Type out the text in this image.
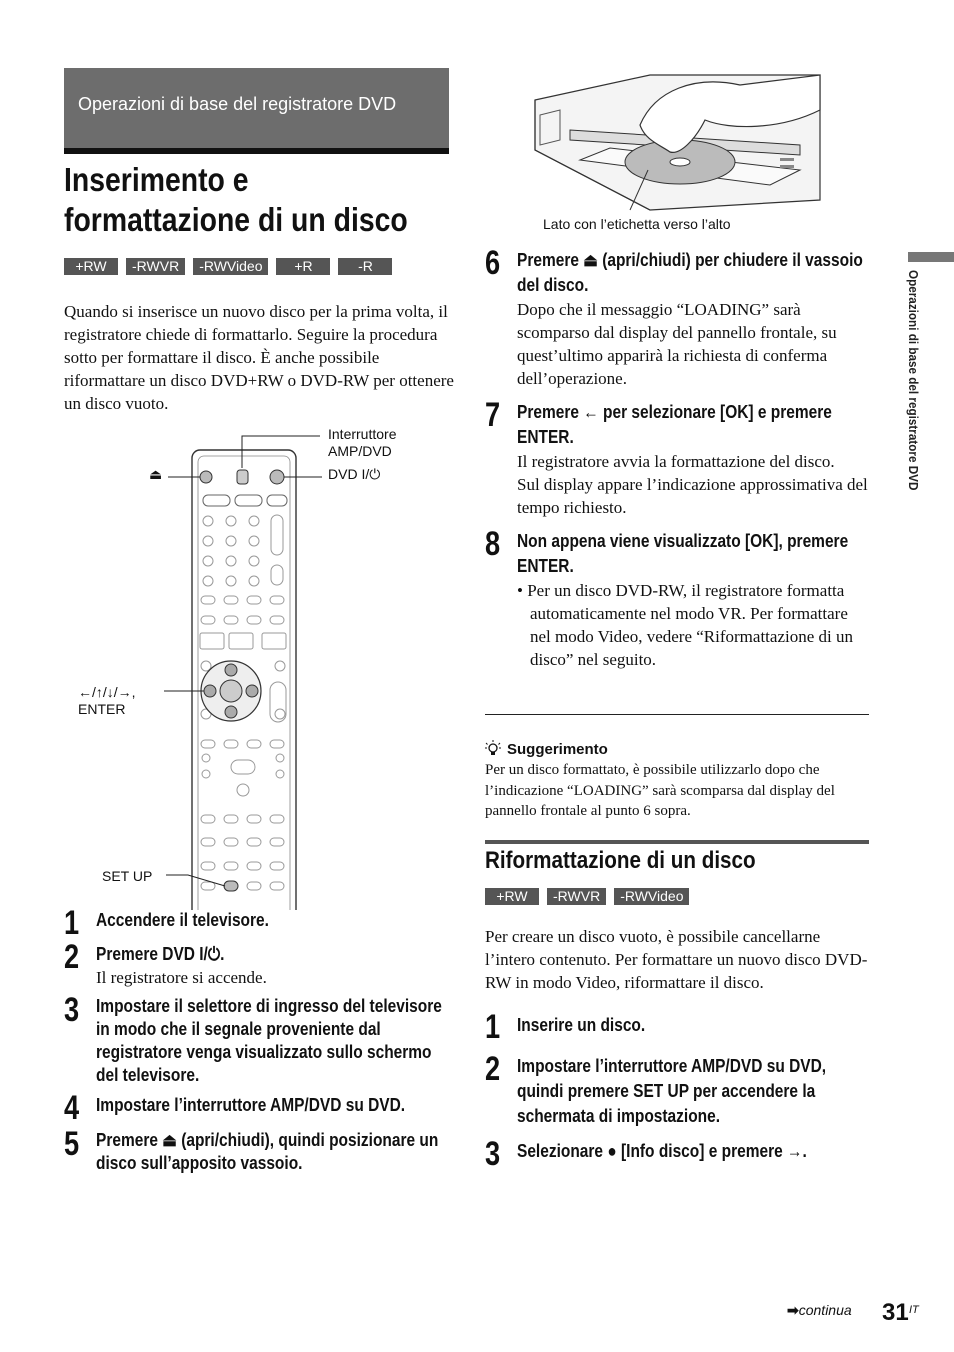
Operazioni di base del registratore DVD
Inserimento e formattazione di un disco
+RW	-RWVR	-RWVideo	+R	-R
Quando si inserisce un nuovo disco per la prima volta, il registratore chiede di formattarlo. Seguire la procedura sotto per formattare il disco. È anche possibile riformattare un disco DVD+RW o DVD-RW per ottenere un disco vuoto.
⏏
Interruttore AMP/DVD
DVD I/⏻
←/↑/↓/→, ENTER
SET UP
1 Accendere il televisore.
2 Premere DVD I/⏻.
Il registratore si accende.
3 Impostare il selettore di ingresso del televisore in modo che il segnale proveniente dal registratore venga visualizzato sullo schermo del televisore.
4 Impostare l’interruttore AMP/DVD su DVD.
5 Premere ⏏ (apri/chiudi), quindi posizionare un disco sull’apposito vassoio.
Lato con l’etichetta verso l’alto
6 Premere ⏏ (apri/chiudi) per chiudere il vassoio del disco.
Dopo che il messaggio “LOADING” sarà scomparso dal display del pannello frontale, su quest’ultimo apparirà la richiesta di conferma dell’operazione.
7 Premere ← per selezionare [OK] e premere ENTER.
Il registratore avvia la formattazione del disco.
Sul display appare l’indicazione approssimativa del tempo richiesto.
8 Non appena viene visualizzato [OK], premere ENTER.
• Per un disco DVD-RW, il registratore formatta automaticamente nel modo VR. Per formattare nel modo Video, vedere “Riformattazione di un disco” nel seguito.
Suggerimento
Per un disco formattato, è possibile utilizzarlo dopo che l’indicazione “LOADING” sarà scomparsa dal display del pannello frontale al punto 6 sopra.
Riformattazione di un disco
+RW	-RWVR	-RWVideo
Per creare un disco vuoto, è possibile cancellarne l’intero contenuto. Per formattare un nuovo disco DVD-RW in modo Video, riformattare il disco.
1 Inserire un disco.
2 Impostare l’interruttore AMP/DVD su DVD, quindi premere SET UP per accendere la schermata di impostazione.
3 Selezionare ● [Info disco] e premere →.
Operazioni di base del registratore DVD
➡continua 31 IT
